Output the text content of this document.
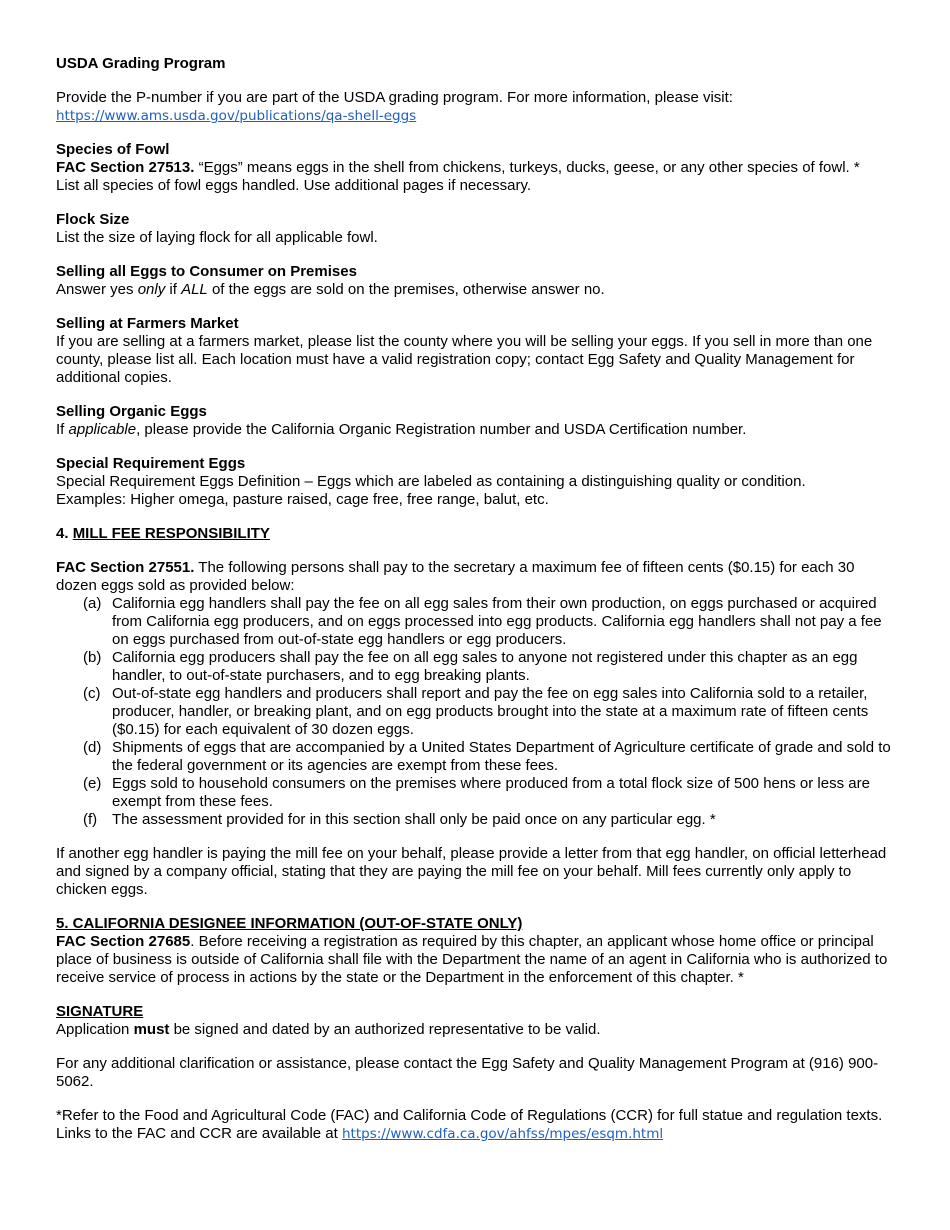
USDA Grading Program

Provide the P-number if you are part of the USDA grading program. For more information, please visit:

https://www.ams.usda.gov/publications/qa-shell-eggs

Species of Fowl

FAC Section 27513. “Eggs” means eggs in the shell from chickens, turkeys, ducks, geese, or any other species of fowl. *

List all species of fowl eggs handled. Use additional pages if necessary.

Flock Size

List the size of laying flock for all applicable fowl.

Selling all Eggs to Consumer on Premises

Answer yes only if ALL of the eggs are sold on the premises, otherwise answer no.

Selling at Farmers Market

If you are selling at a farmers market, please list the county where you will be selling your eggs. If you sell in more than one county, please list all. Each location must have a valid registration copy; contact Egg Safety and Quality Management for additional copies.

Selling Organic Eggs

If applicable, please provide the California Organic Registration number and USDA Certification number.

Special Requirement Eggs

Special Requirement Eggs Definition – Eggs which are labeled as containing a distinguishing quality or condition.

Examples: Higher omega, pasture raised, cage free, free range, balut, etc.

4. MILL FEE RESPONSIBILITY

FAC Section 27551. The following persons shall pay to the secretary a maximum fee of fifteen cents ($0.15) for each 30 dozen eggs sold as provided below:

(a) California egg handlers shall pay the fee on all egg sales from their own production, on eggs purchased or acquired from California egg producers, and on eggs processed into egg products. California egg handlers shall not pay a fee on eggs purchased from out-of-state egg handlers or egg producers.
(b) California egg producers shall pay the fee on all egg sales to anyone not registered under this chapter as an egg handler, to out-of-state purchasers, and to egg breaking plants.
(c) Out-of-state egg handlers and producers shall report and pay the fee on egg sales into California sold to a retailer, producer, handler, or breaking plant, and on egg products brought into the state at a maximum rate of fifteen cents ($0.15) for each equivalent of 30 dozen eggs.
(d) Shipments of eggs that are accompanied by a United States Department of Agriculture certificate of grade and sold to the federal government or its agencies are exempt from these fees.
(e) Eggs sold to household consumers on the premises where produced from a total flock size of 500 hens or less are exempt from these fees.
(f) The assessment provided for in this section shall only be paid once on any particular egg. *

If another egg handler is paying the mill fee on your behalf, please provide a letter from that egg handler, on official letterhead and signed by a company official, stating that they are paying the mill fee on your behalf. Mill fees currently only apply to chicken eggs.

5. CALIFORNIA DESIGNEE INFORMATION (OUT-OF-STATE ONLY)

FAC Section 27685. Before receiving a registration as required by this chapter, an applicant whose home office or principal place of business is outside of California shall file with the Department the name of an agent in California who is authorized to receive service of process in actions by the state or the Department in the enforcement of this chapter. *

SIGNATURE

Application must be signed and dated by an authorized representative to be valid.

For any additional clarification or assistance, please contact the Egg Safety and Quality Management Program at (916) 900-5062.

*Refer to the Food and Agricultural Code (FAC) and California Code of Regulations (CCR) for full statue and regulation texts. Links to the FAC and CCR are available at https://www.cdfa.ca.gov/ahfss/mpes/esqm.html
